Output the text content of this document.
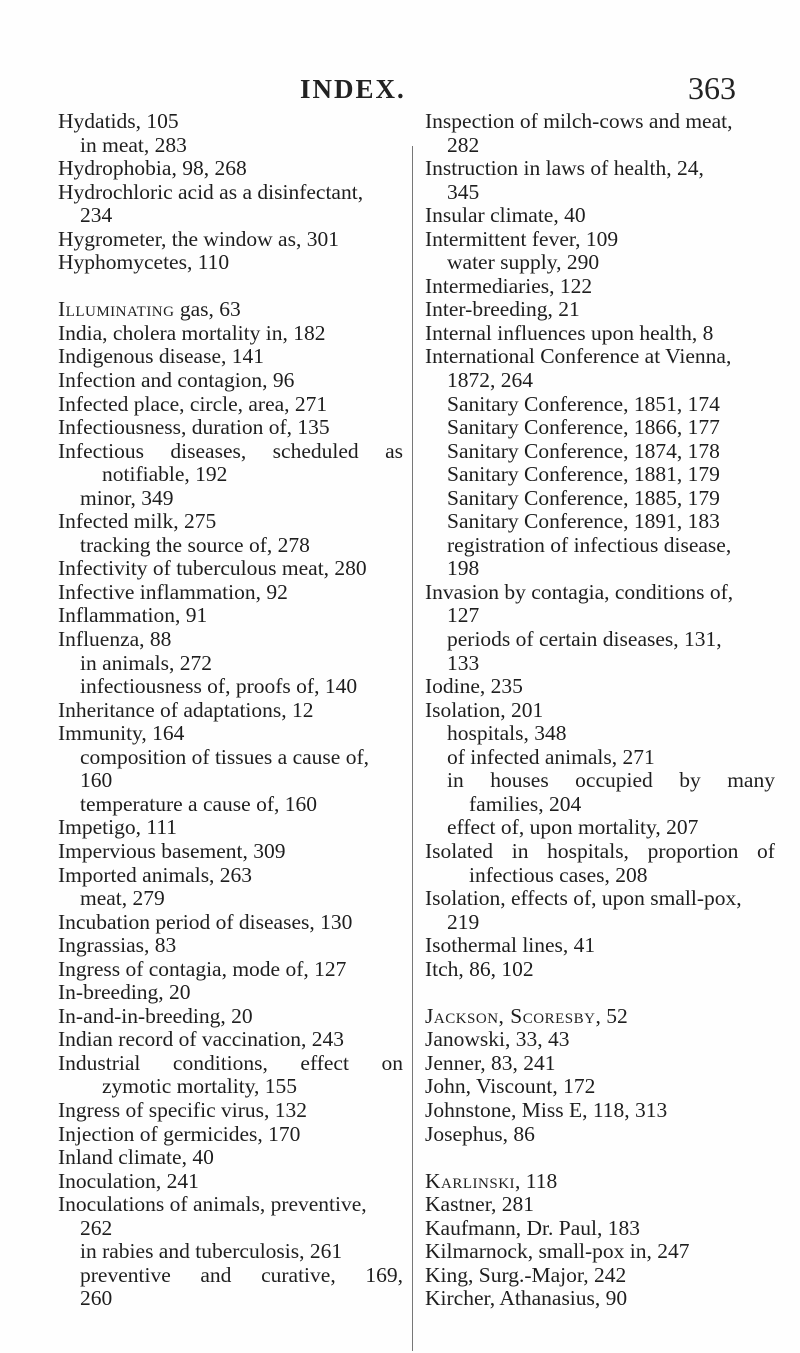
INDEX.	363
Hydatids, 105
in meat, 283
Hydrophobia, 98, 268
Hydrochloric acid as a disinfectant,
234
Hygrometer, the window as, 301
Hyphomycetes, 110
Illuminating gas, 63
India, cholera mortality in, 182
Indigenous disease, 141
Infection and contagion, 96
Infected place, circle, area, 271
Infectiousness, duration of, 135
Infectious diseases, scheduled as
notifiable, 192
minor, 349
Infected milk, 275
tracking the source of, 278
Infectivity of tuberculous meat, 280
Infective inflammation, 92
Inflammation, 91
Influenza, 88
in animals, 272
infectiousness of, proofs of, 140
Inheritance of adaptations, 12
Immunity, 164
composition of tissues a cause of,
160
temperature a cause of, 160
Impetigo, 111
Impervious basement, 309
Imported animals, 263
meat, 279
Incubation period of diseases, 130
Ingrassias, 83
Ingress of contagia, mode of, 127
In-breeding, 20
In-and-in-breeding, 20
Indian record of vaccination, 243
Industrial conditions, effect on
zymotic mortality, 155
Ingress of specific virus, 132
Injection of germicides, 170
Inland climate, 40
Inoculation, 241
Inoculations of animals, preventive,
262
in rabies and tuberculosis, 261
preventive and curative, 169,
260
Inspection of milch-cows and meat,
282
Instruction in laws of health, 24,
345
Insular climate, 40
Intermittent fever, 109
water supply, 290
Intermediaries, 122
Inter-breeding, 21
Internal influences upon health, 8
International Conference at Vienna,
1872, 264
Sanitary Conference, 1851, 174
Sanitary Conference, 1866, 177
Sanitary Conference, 1874, 178
Sanitary Conference, 1881, 179
Sanitary Conference, 1885, 179
Sanitary Conference, 1891, 183
registration of infectious disease,
198
Invasion by contagia, conditions of,
127
periods of certain diseases, 131,
133
Iodine, 235
Isolation, 201
hospitals, 348
of infected animals, 271
in houses occupied by many
families, 204
effect of, upon mortality, 207
Isolated in hospitals, proportion of
infectious cases, 208
Isolation, effects of, upon small-pox,
219
Isothermal lines, 41
Itch, 86, 102
Jackson, Scoresby, 52
Janowski, 33, 43
Jenner, 83, 241
John, Viscount, 172
Johnstone, Miss E, 118, 313
Josephus, 86
Karlinski, 118
Kastner, 281
Kaufmann, Dr. Paul, 183
Kilmarnock, small-pox in, 247
King, Surg.-Major, 242
Kircher, Athanasius, 90
